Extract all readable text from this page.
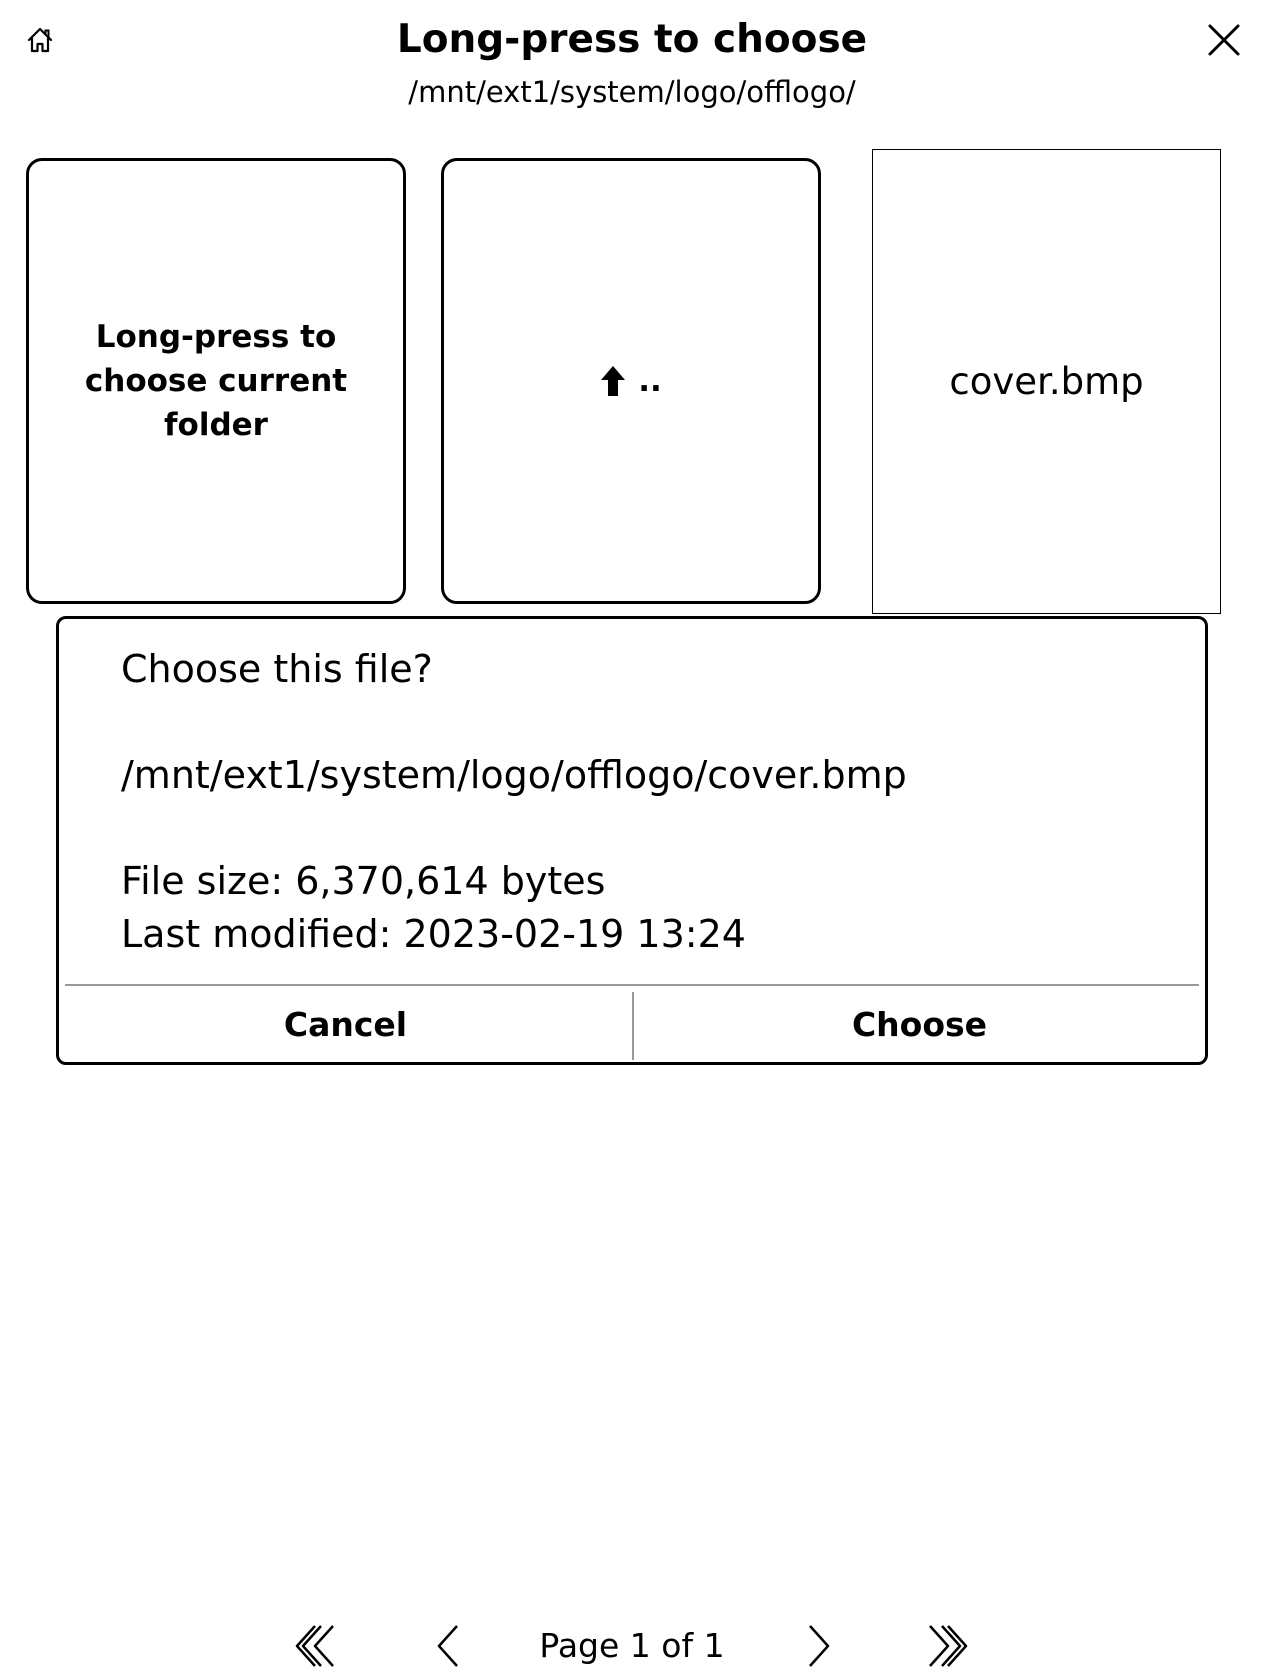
Long-press to choose
/mnt/ext1/system/logo/offlogo/
Long-press to choose current folder
..	cover.bmp
Choose this file?
/mnt/ext1/system/logo/offlogo/cover.bmp
File size: 6,370,614 bytes
Last modified: 2023-02-19 13:24
Cancel	Choose
Page 1 of 1
